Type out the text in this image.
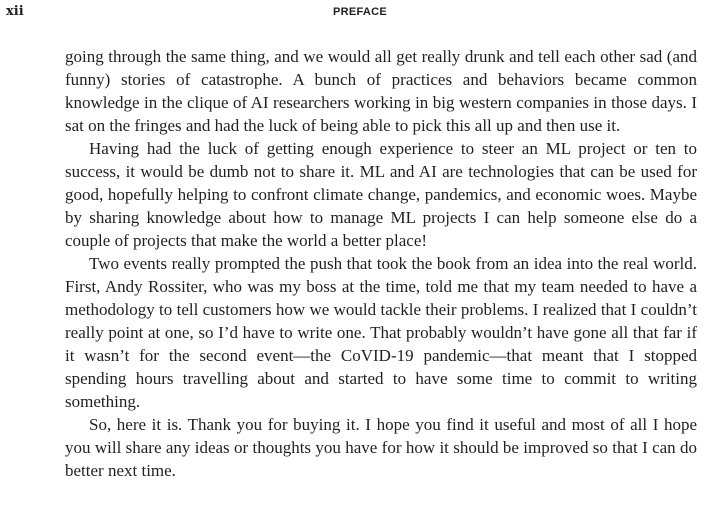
xii	PREFACE

going through the same thing, and we would all get really drunk and tell each other sad (and funny) stories of catastrophe. A bunch of practices and behaviors became common knowledge in the clique of AI researchers working in big western companies in those days. I sat on the fringes and had the luck of being able to pick this all up and then use it.

Having had the luck of getting enough experience to steer an ML project or ten to success, it would be dumb not to share it. ML and AI are technologies that can be used for good, hopefully helping to confront climate change, pandemics, and economic woes. Maybe by sharing knowledge about how to manage ML projects I can help someone else do a couple of projects that make the world a better place!

Two events really prompted the push that took the book from an idea into the real world. First, Andy Rossiter, who was my boss at the time, told me that my team needed to have a methodology to tell customers how we would tackle their problems. I realized that I couldn’t really point at one, so I’d have to write one. That probably wouldn’t have gone all that far if it wasn’t for the second event—the CoVID-19 pandemic—that meant that I stopped spending hours travelling about and started to have some time to commit to writing something.

So, here it is. Thank you for buying it. I hope you find it useful and most of all I hope you will share any ideas or thoughts you have for how it should be improved so that I can do better next time.
